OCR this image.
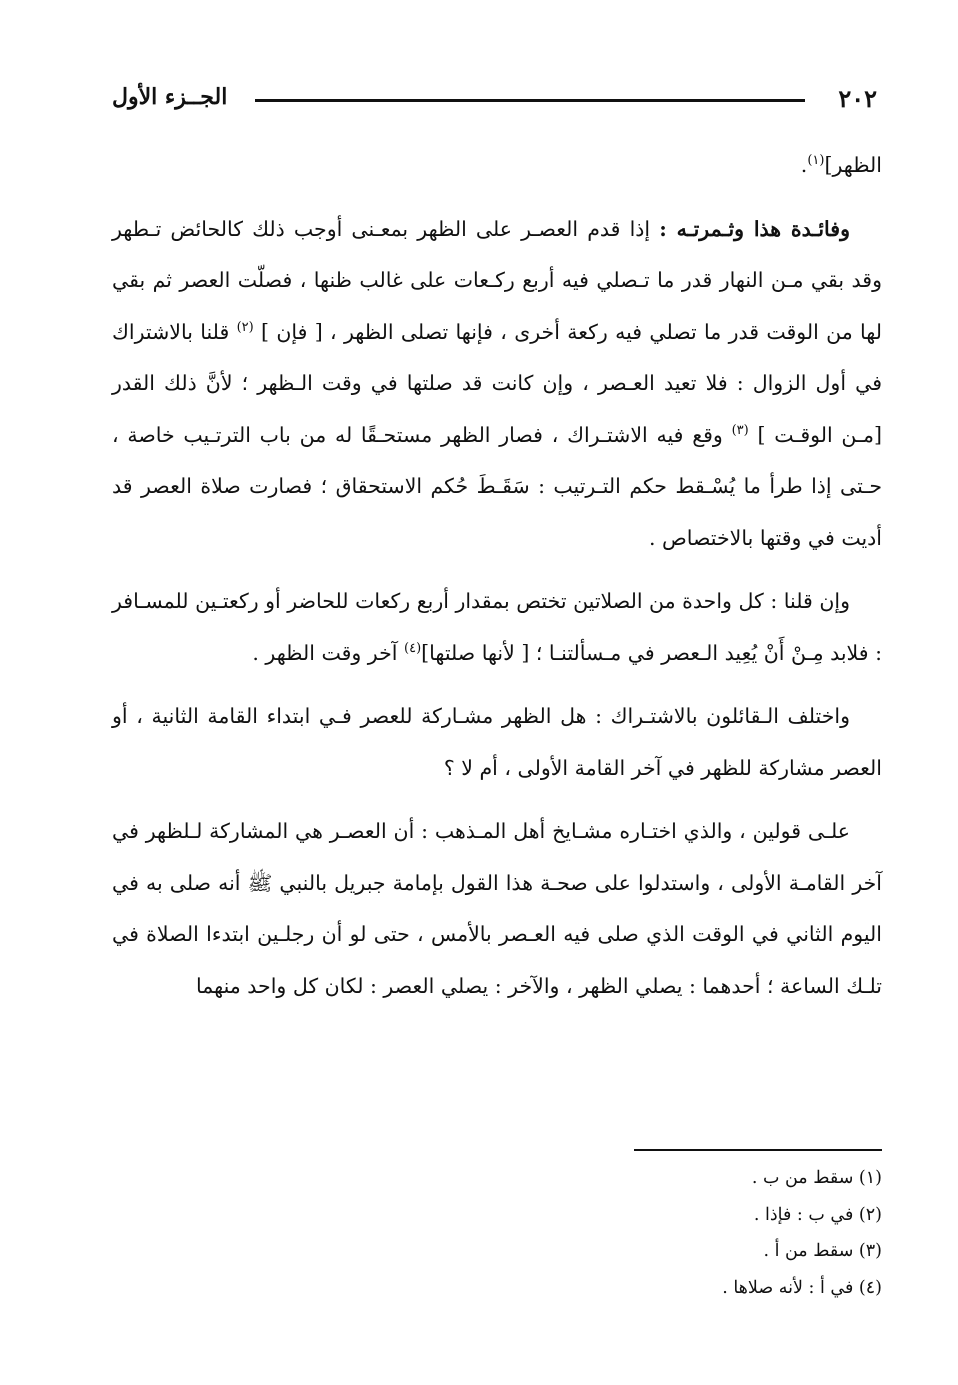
٢٠٢
الجــزء الأول

الظهر]$^{(١)}$.

وفائـدة هذا وثـمرتـه : إذا قدم العصـر على الظهر بمعـنى أوجب ذلك كالحائض تـطهر وقد بقي مـن النهار قدر ما تـصلي فيه أربع ركـعات على غالب ظنها ، فصلّت العصر ثم بقي لها من الوقت قدر ما تصلي فيه ركعة أخرى ، فإنها تصلى الظهر ، [ فإن ] $^{(٢)}$ قلنا بالاشتراك في أول الزوال : فلا تعيد العـصر ، وإن كانت قد صلتها في وقت الـظهر ؛ لأنَّ ذلك القدر [مـن الوقـت ] $^{(٣)}$ وقع فيه الاشتـراك ، فصار الظهر مستحـقًا له من باب الترتـيب خاصة ، حـتى إذا طرأ ما يُسْـقط حكم التـرتيب : سَقَـطَ حُكم الاستحقاق ؛ فصارت صلاة العصر قد أديت في وقتها بالاختصاص .

وإن قلنا : كل واحدة من الصلاتين تختص بمقدار أربع ركعات للحاضر أو ركعتـين للمسـافر : فلابد مِـنْ أَنْ يُعِيد الـعصر في مـسألتنـا ؛ [ لأنها صلتها]$^{(٤)}$ آخر وقت الظهر .

واختلف الـقائلون بالاشتـراك : هل الظهر مشـاركة للعصر فـي ابتداء القامة الثانية ، أو العصر مشاركة للظهر في آخر القامة الأولى ، أم لا ؟

علـى قولين ، والذي اختـاره مشـايخ أهل المـذهب : أن العصـر هي المشاركة لـلظهر في آخر القامـة الأولى ، واستدلوا على صحـة هذا القول بإمامة جبريل بالنبي ﷺ أنه صلى به في اليوم الثاني في الوقت الذي صلى فيه العـصر بالأمس ، حتى لو أن رجلـين ابتدءا الصلاة في تلـك الساعة ؛ أحدهما : يصلي الظهر ، والآخر : يصلي العصر : لكان كل واحد منهما

(١) سقط من ب .

(٢) في ب : فإذا .

(٣) سقط من أ .

(٤) في أ : لأنه صلاها .
